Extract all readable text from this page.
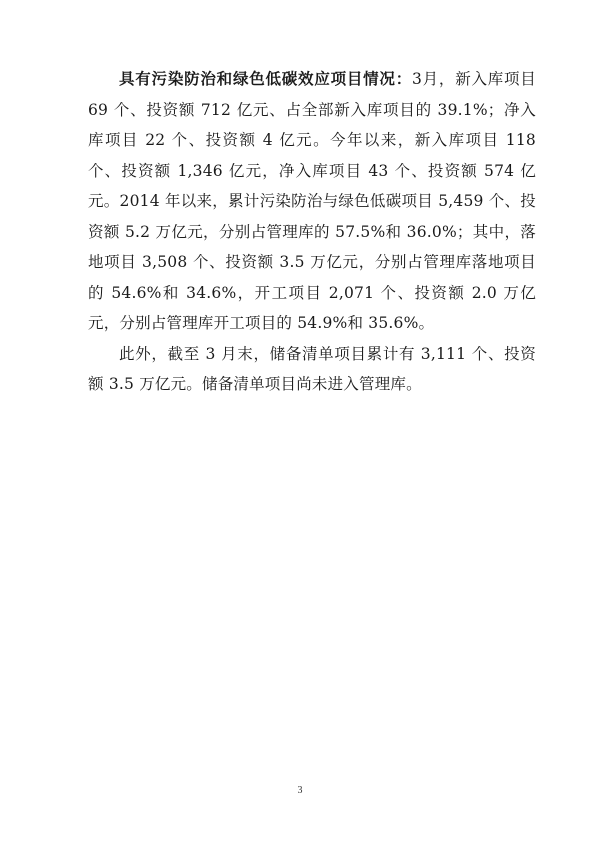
具有污染防治和绿色低碳效应项目情况：3月，新入库项目 69 个、投资额 712 亿元、占全部新入库项目的 39.1%；净入库项目 22 个、投资额 4 亿元。今年以来，新入库项目 118 个、投资额 1,346 亿元，净入库项目 43 个、投资额 574 亿元。2014 年以来，累计污染防治与绿色低碳项目 5,459 个、投资额 5.2 万亿元，分别占管理库的 57.5%和 36.0%；其中，落地项目 3,508 个、投资额 3.5 万亿元，分别占管理库落地项目的 54.6%和 34.6%，开工项目 2,071 个、投资额 2.0 万亿元，分别占管理库开工项目的 54.9%和 35.6%。

此外，截至 3 月末，储备清单项目累计有 3,111 个、投资额 3.5 万亿元。储备清单项目尚未进入管理库。

3
